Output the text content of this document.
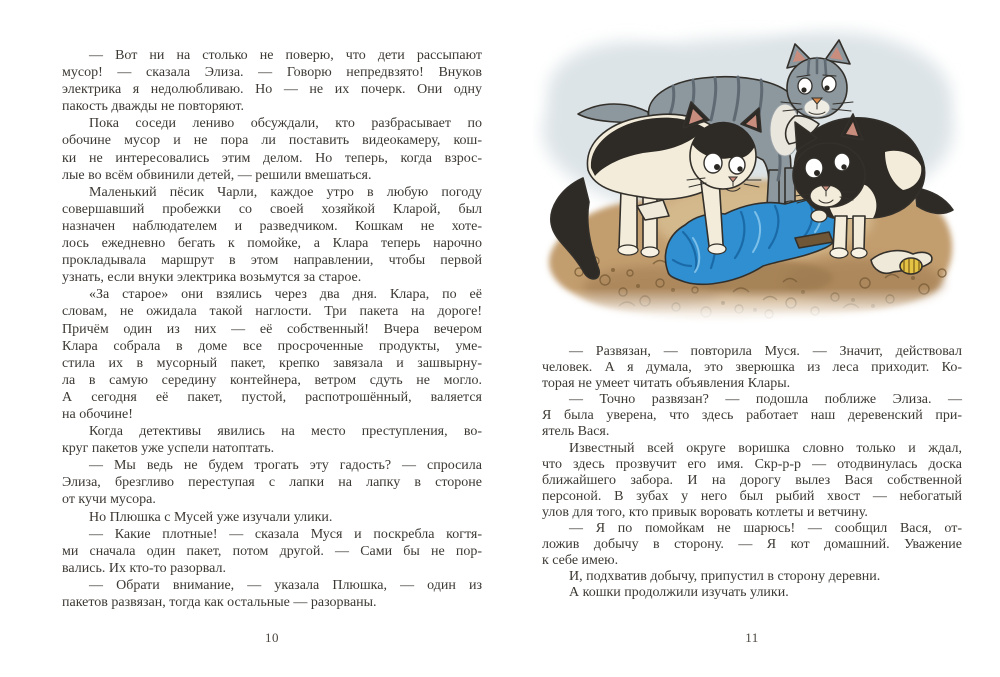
— Вот ни на столько не поверю, что дети рассыпают
мусор! — сказала Элиза. — Говорю непредвзято! Внуков
электрика я недолюбливаю. Но — не их почерк. Они одну
пакость дважды не повторяют.
Пока соседи лениво обсуждали, кто разбрасывает по
обочине мусор и не пора ли поставить видеокамеру, кош-
ки не интересовались этим делом. Но теперь, когда взрос-
лые во всём обвинили детей, — решили вмешаться.
Маленький пёсик Чарли, каждое утро в любую погоду
совершавший пробежки со своей хозяйкой Кларой, был
назначен наблюдателем и разведчиком. Кошкам не хоте-
лось ежедневно бегать к помойке, а Клара теперь нарочно
прокладывала маршрут в этом направлении, чтобы первой
узнать, если внуки электрика возьмутся за старое.
«За старое» они взялись через два дня. Клара, по её
словам, не ожидала такой наглости. Три пакета на дороге!
Причём один из них — её собственный! Вчера вечером
Клара собрала в доме все просроченные продукты, уме-
стила их в мусорный пакет, крепко завязала и зашвырну-
ла в самую середину контейнера, ветром сдуть не могло.
А сегодня её пакет, пустой, распотрошённый, валяется
на обочине!
Когда детективы явились на место преступления, во-
круг пакетов уже успели натоптать.
— Мы ведь не будем трогать эту гадость? — спросила
Элиза, брезгливо переступая с лапки на лапку в стороне
от кучи мусора.
Но Плюшка с Мусей уже изучали улики.
— Какие плотные! — сказала Муся и поскребла когтя-
ми сначала один пакет, потом другой. — Сами бы не пор-
вались. Их кто-то разорвал.
— Обрати внимание, — указала Плюшка, — один из
пакетов развязан, тогда как остальные — разорваны.
10
— Развязан, — повторила Муся. — Значит, действовал
человек. А я думала, это зверюшка из леса приходит. Ко-
торая не умеет читать объявления Клары.
— Точно развязан? — подошла поближе Элиза. —
Я была уверена, что здесь работает наш деревенский при-
ятель Вася.
Известный всей округе воришка словно только и ждал,
что здесь прозвучит его имя. Скр-р-р — отодвинулась доска
ближайшего забора. И на дорогу вылез Вася собственной
персоной. В зубах у него был рыбий хвост — небогатый
улов для того, кто привык воровать котлеты и ветчину.
— Я по помойкам не шарюсь! — сообщил Вася, от-
ложив добычу в сторону. — Я кот домашний. Уважение
к себе имею.
И, подхватив добычу, припустил в сторону деревни.
А кошки продолжили изучать улики.
11
